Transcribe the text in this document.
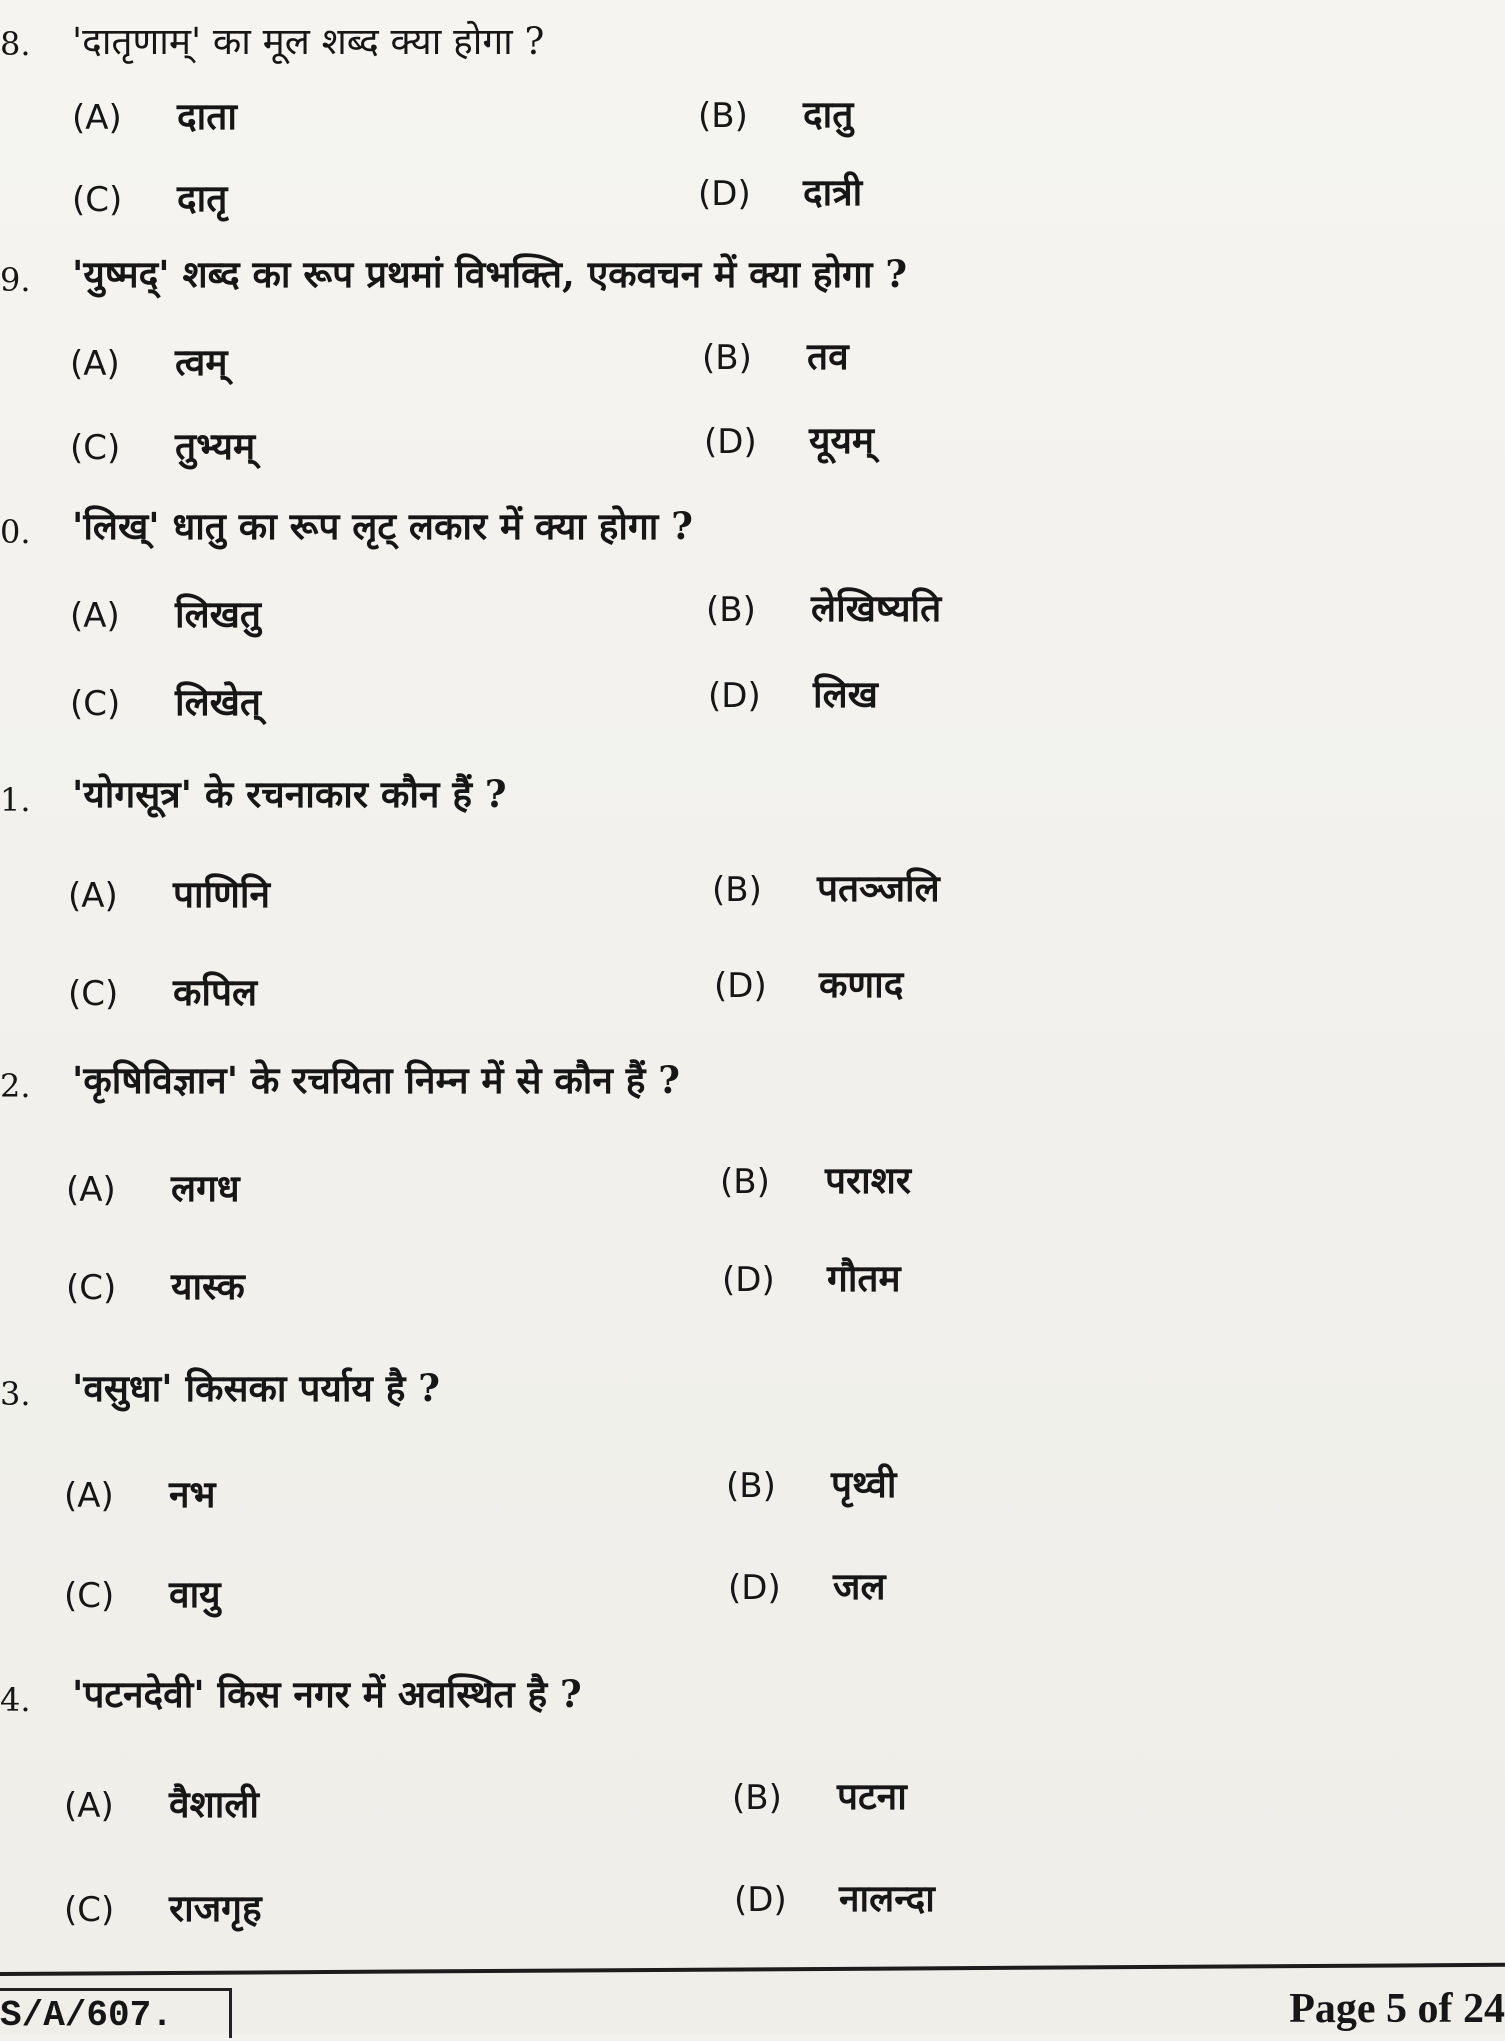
8.	'दातृणाम्' का मूल शब्द क्या होगा ?
(A) दाता	(B) दातु
(C) दातृ	(D) दात्री
9.	'युष्मद्' शब्द का रूप प्रथमां विभक्ति, एकवचन में क्या होगा ?
(A) त्वम्	(B) तव
(C) तुभ्यम्	(D) यूयम्
0.	'लिख्' धातु का रूप लृट् लकार में क्या होगा ?
(A) लिखतु	(B) लेखिष्यति
(C) लिखेत्	(D) लिख
1.	'योगसूत्र' के रचनाकार कौन हैं ?
(A) पाणिनि	(B) पतञ्जलि
(C) कपिल	(D) कणाद
2.	'कृषिविज्ञान' के रचयिता निम्न में से कौन हैं ?
(A) लगध	(B) पराशर
(C) यास्क	(D) गौतम
3.	'वसुधा' किसका पर्याय है ?
(A) नभ	(B) पृथ्वी
(C) वायु	(D) जल
4.	'पटनदेवी' किस नगर में अवस्थित है ?
(A) वैशाली	(B) पटना
(C) राजगृह	(D) नालन्दा
S/A/607.	Page 5 of 24
